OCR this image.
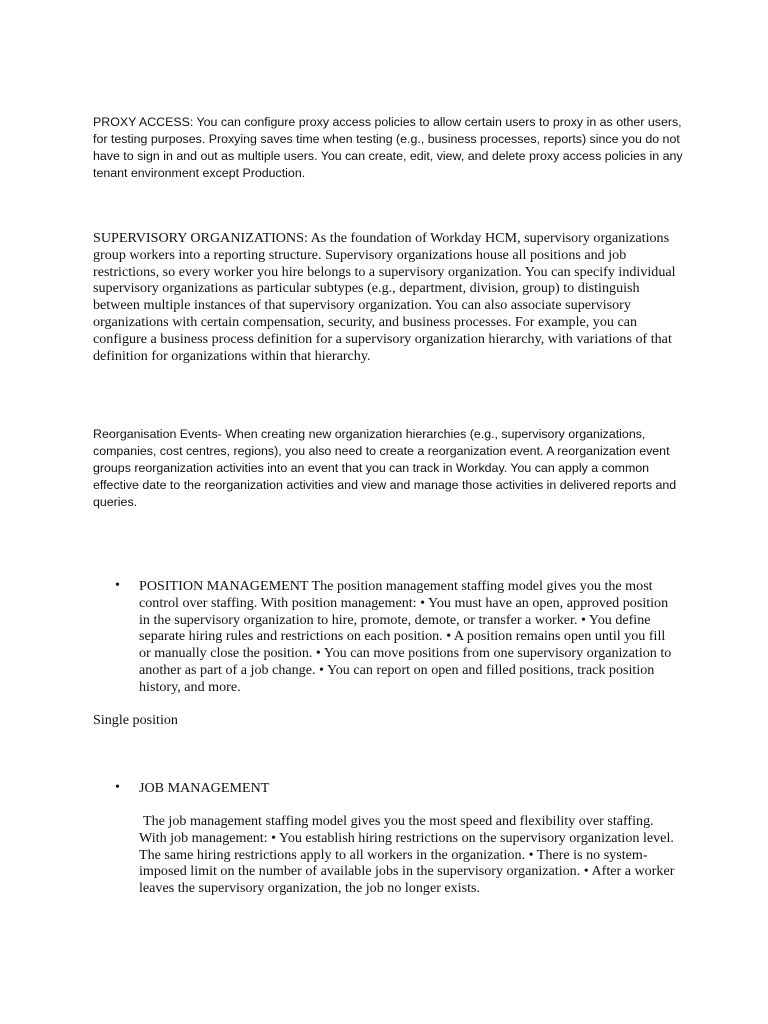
PROXY ACCESS: You can configure proxy access policies to allow certain users to proxy in as other users, for testing purposes. Proxying saves time when testing (e.g., business processes, reports) since you do not have to sign in and out as multiple users. You can create, edit, view, and delete proxy access policies in any tenant environment except Production.

SUPERVISORY ORGANIZATIONS: As the foundation of Workday HCM, supervisory organizations group workers into a reporting structure. Supervisory organizations house all positions and job restrictions, so every worker you hire belongs to a supervisory organization. You can specify individual supervisory organizations as particular subtypes (e.g., department, division, group) to distinguish between multiple instances of that supervisory organization. You can also associate supervisory organizations with certain compensation, security, and business processes. For example, you can configure a business process definition for a supervisory organization hierarchy, with variations of that definition for organizations within that hierarchy.

Reorganisation Events- When creating new organization hierarchies (e.g., supervisory organizations, companies, cost centres, regions), you also need to create a reorganization event. A reorganization event groups reorganization activities into an event that you can track in Workday. You can apply a common effective date to the reorganization activities and view and manage those activities in delivered reports and queries.

•	POSITION MANAGEMENT The position management staffing model gives you the most control over staffing. With position management: • You must have an open, approved position in the supervisory organization to hire, promote, demote, or transfer a worker. • You define separate hiring rules and restrictions on each position. • A position remains open until you fill or manually close the position. • You can move positions from one supervisory organization to another as part of a job change. • You can report on open and filled positions, track position history, and more.

Single position

•	JOB MANAGEMENT

The job management staffing model gives you the most speed and flexibility over staffing. With job management: • You establish hiring restrictions on the supervisory organization level. The same hiring restrictions apply to all workers in the organization. • There is no system-imposed limit on the number of available jobs in the supervisory organization. • After a worker leaves the supervisory organization, the job no longer exists.
